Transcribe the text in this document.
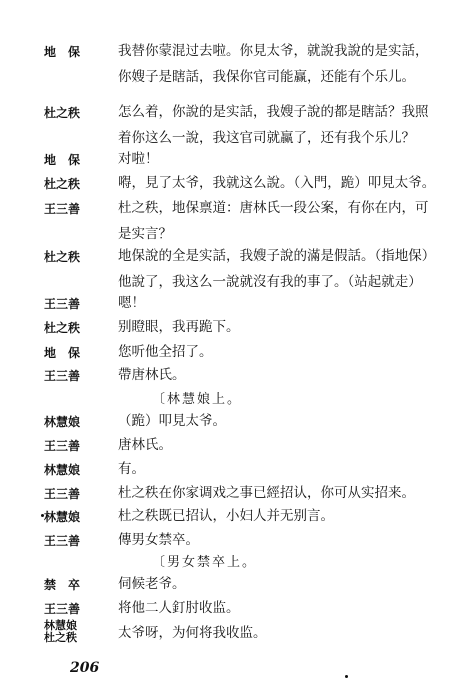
地　保	我替你蒙混过去啦。你見太爷，就說我說的是实話，
你嫂子是瞎話，我保你官司能赢，还能有个乐儿。
杜之秩	怎么着，你說的是实話，我嫂子說的都是瞎話？我照
着你这么一說，我这官司就赢了，还有我个乐儿？
地　保	对啦！
杜之秩	嘚，見了太爷，我就这么說。（入門，跪）叩見太爷。
王三善	杜之秩，地保禀道：唐林氏一段公案，有你在内，可
是实言？
杜之秩	地保說的全是实話，我嫂子說的滿是假話。（指地保）
他說了，我这么一說就沒有我的事了。（站起就走）
王三善	嗯！
杜之秩	别瞪眼，我再跪下。
地　保	您听他全招了。
王三善	帶唐林氏。
〔林慧娘上。
林慧娘	（跪）叩見太爷。
王三善	唐林氏。
林慧娘	有。
王三善	杜之秩在你家调戏之事已經招认，你可从实招来。
林慧娘	杜之秩既已招认，小妇人并无别言。
王三善	傳男女禁卒。
〔男女禁卒上。
禁　卒	伺候老爷。
王三善	将他二人釘肘收监。
林慧娘
杜之秩	太爷呀，为何将我收监。
206
